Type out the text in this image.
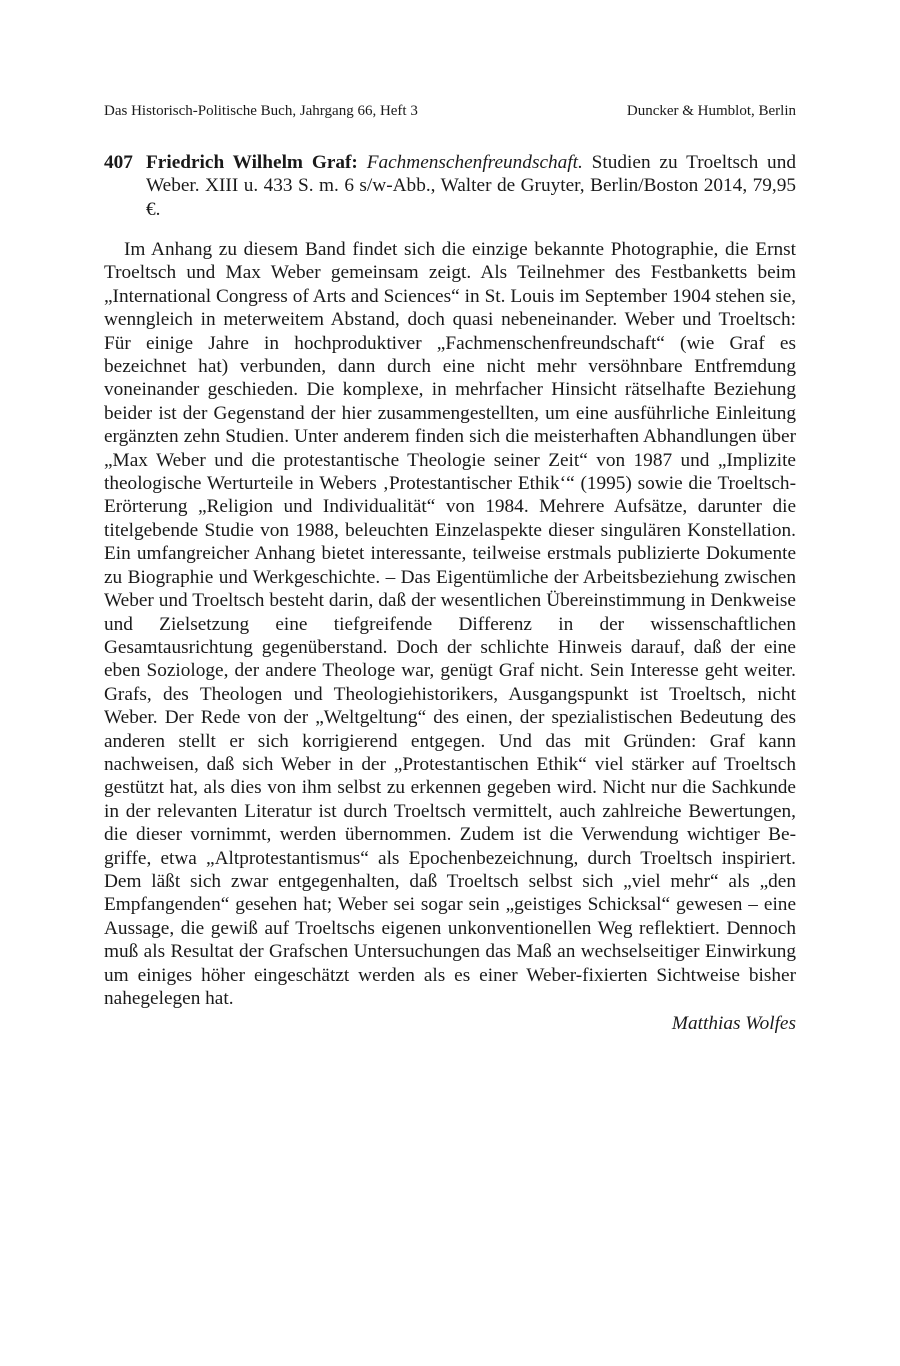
Das Historisch-Politische Buch, Jahrgang 66, Heft 3	Duncker & Humblot, Berlin
407 Friedrich Wilhelm Graf: Fachmenschenfreundschaft. Studien zu Troeltsch und Weber. XIII u. 433 S. m. 6 s/w-Abb., Walter de Gruyter, Berlin/Boston 2014, 79,95 €.

Im Anhang zu diesem Band findet sich die einzige bekannte Photographie, die Ernst Troeltsch und Max Weber gemeinsam zeigt. Als Teilnehmer des Festbanketts beim „International Congress of Arts and Sciences“ in St. Louis im September 1904 stehen sie, wenngleich in meterweitem Abstand, doch quasi nebeneinander. Weber und Troeltsch: Für einige Jahre in hochproduktiver „Fachmenschenfreundschaft“ (wie Graf es bezeichnet hat) verbunden, dann durch eine nicht mehr versöhnbare Entfremdung voneinander geschieden. Die komplexe, in mehrfacher Hinsicht rätselhafte Beziehung beider ist der Gegenstand der hier zusammengestellten, um eine ausführliche Einleitung ergänzten zehn Studien. Unter anderem finden sich die meisterhaften Abhandlungen über „Max Weber und die protestantische Theologie seiner Zeit“ von 1987 und „Implizite theologische Werturteile in Webers ‚Protestantischer Ethik‘“ (1995) sowie die Troeltsch-Erörterung „Religion und Individualität“ von 1984. Mehrere Aufsätze, darunter die titelgebende Studie von 1988, beleuchten Einzelaspekte dieser singulären Konstellation. Ein umfangreicher Anhang bietet interessante, teilweise erstmals publizierte Dokumente zu Biographie und Werkgeschichte. – Das Eigentümliche der Arbeitsbeziehung zwischen Weber und Troeltsch besteht darin, daß der wesentlichen Übereinstimmung in Denkweise und Zielsetzung eine tiefgreifende Differenz in der wissenschaftlichen Gesamtausrichtung gegenüberstand. Doch der schlichte Hinweis darauf, daß der eine eben Soziologe, der andere Theologe war, genügt Graf nicht. Sein Interesse geht weiter. Grafs, des Theologen und Theologiehistorikers, Ausgangspunkt ist Troeltsch, nicht Weber. Der Rede von der „Weltgeltung“ des einen, der spezialistischen Bedeutung des anderen stellt er sich korrigierend entgegen. Und das mit Gründen: Graf kann nachweisen, daß sich Weber in der „Protestantischen Ethik“ viel stärker auf Troeltsch gestützt hat, als dies von ihm selbst zu erkennen gegeben wird. Nicht nur die Sachkunde in der relevanten Literatur ist durch Troeltsch vermittelt, auch zahlreiche Bewertungen, die dieser vornimmt, werden übernommen. Zudem ist die Verwendung wichtiger Begriffe, etwa „Altprotestantismus“ als Epochenbezeichnung, durch Troeltsch inspiriert. Dem läßt sich zwar entgegenhalten, daß Troeltsch selbst sich „viel mehr“ als „den Empfangenden“ gesehen hat; Weber sei sogar sein „geistiges Schicksal“ gewesen – eine Aussage, die gewiß auf Troeltschs eigenen unkonventionellen Weg reflektiert. Dennoch muß als Resultat der Grafschen Untersuchungen das Maß an wechselseitiger Einwirkung um einiges höher eingeschätzt werden als es einer Weber-fixierten Sichtweise bisher nahegelegen hat.

Matthias Wolfes
